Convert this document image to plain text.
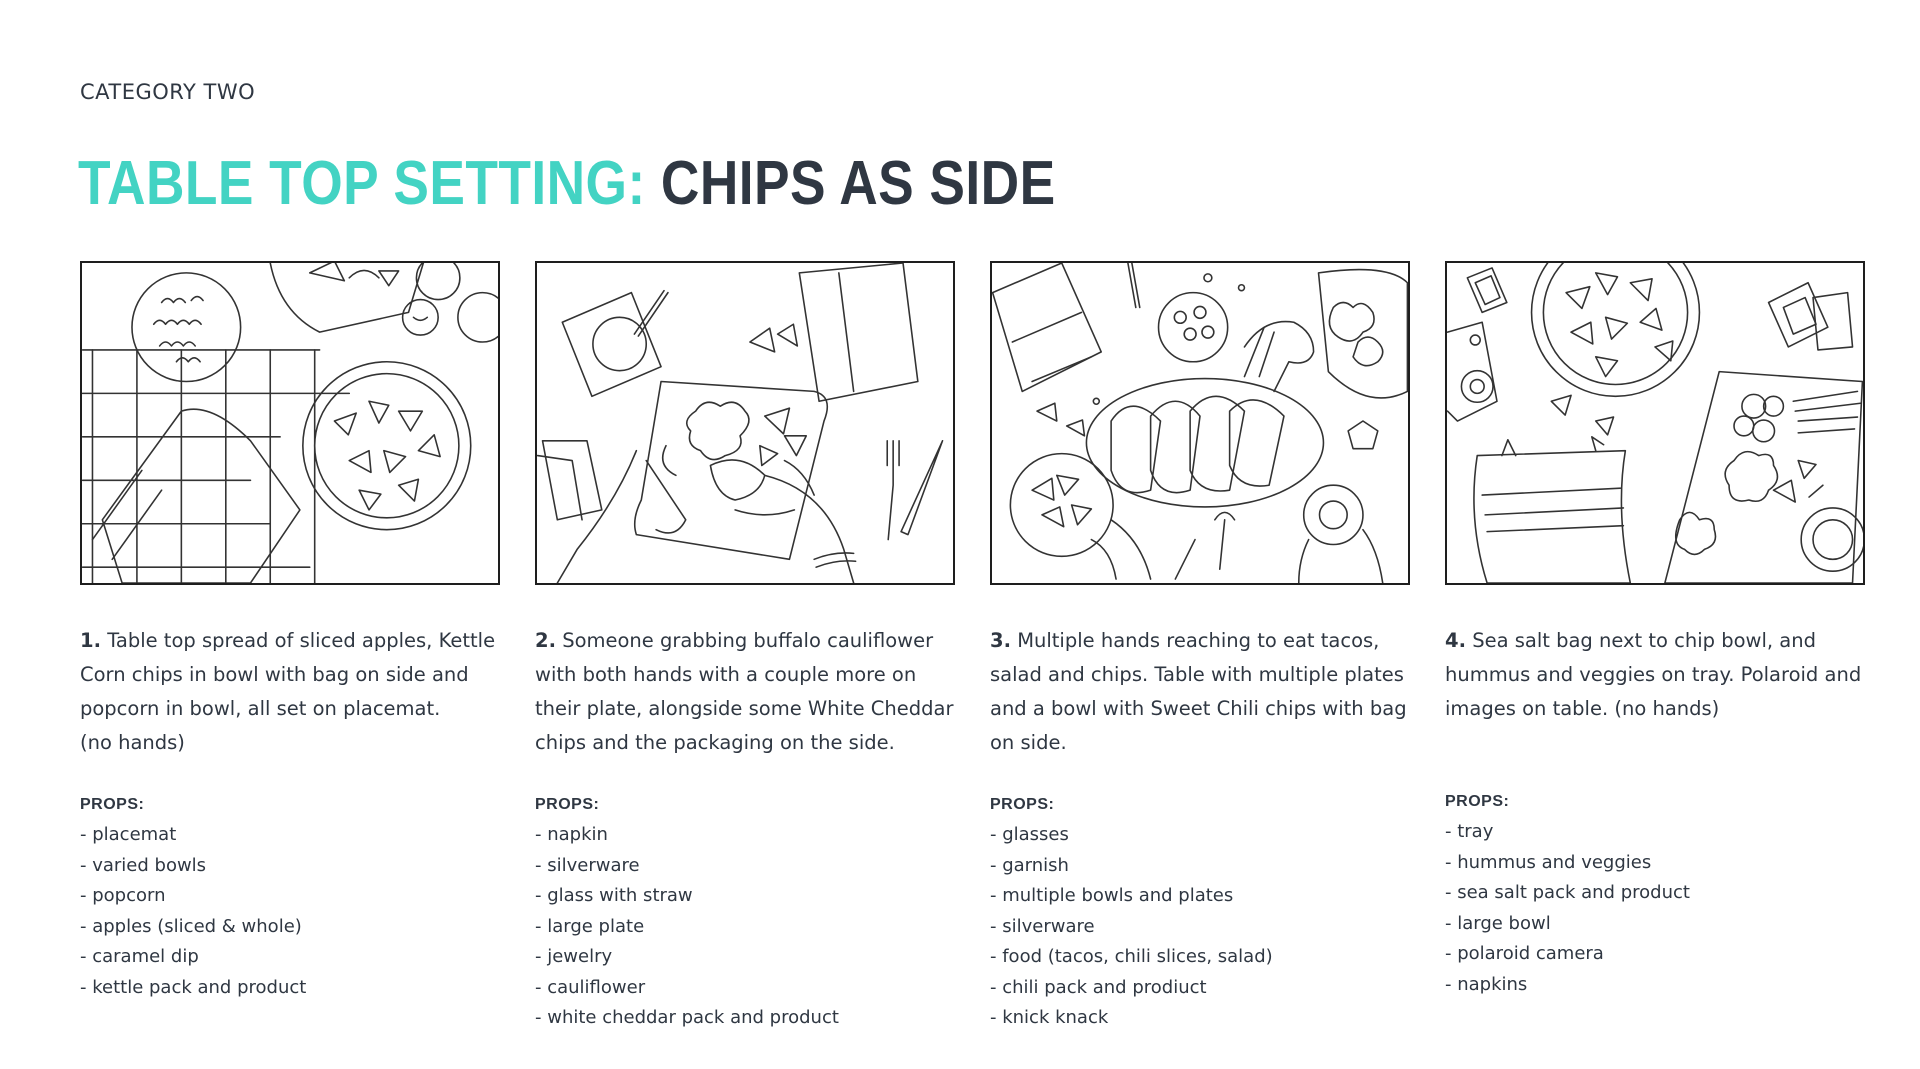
CATEGORY TWO
TABLE TOP SETTING: CHIPS AS SIDE
1. Table top spread of sliced apples, Kettle Corn chips in bowl with bag on side and popcorn in bowl, all set on placemat.
(no hands)
PROPS:
- placemat
- varied bowls
- popcorn
- apples (sliced & whole)
- caramel dip
- kettle pack and product
2. Someone grabbing buffalo cauliflower with both hands with a couple more on their plate, alongside some White Cheddar chips and the packaging on the side.
PROPS:
- napkin
- silverware
- glass with straw
- large plate
- jewelry
- cauliflower
- white cheddar pack and product
3. Multiple hands reaching to eat tacos, salad and chips. Table with multiple plates and a bowl with Sweet Chili chips with bag on side.
PROPS:
- glasses
- garnish
- multiple bowls and plates
- silverware
- food (tacos, chili slices, salad)
- chili pack and prodiuct
- knick knack
4. Sea salt bag next to chip bowl, and hummus and veggies on tray. Polaroid and images on table. (no hands)
PROPS:
- tray
- hummus and veggies
- sea salt pack and product
- large bowl
- polaroid camera
- napkins
